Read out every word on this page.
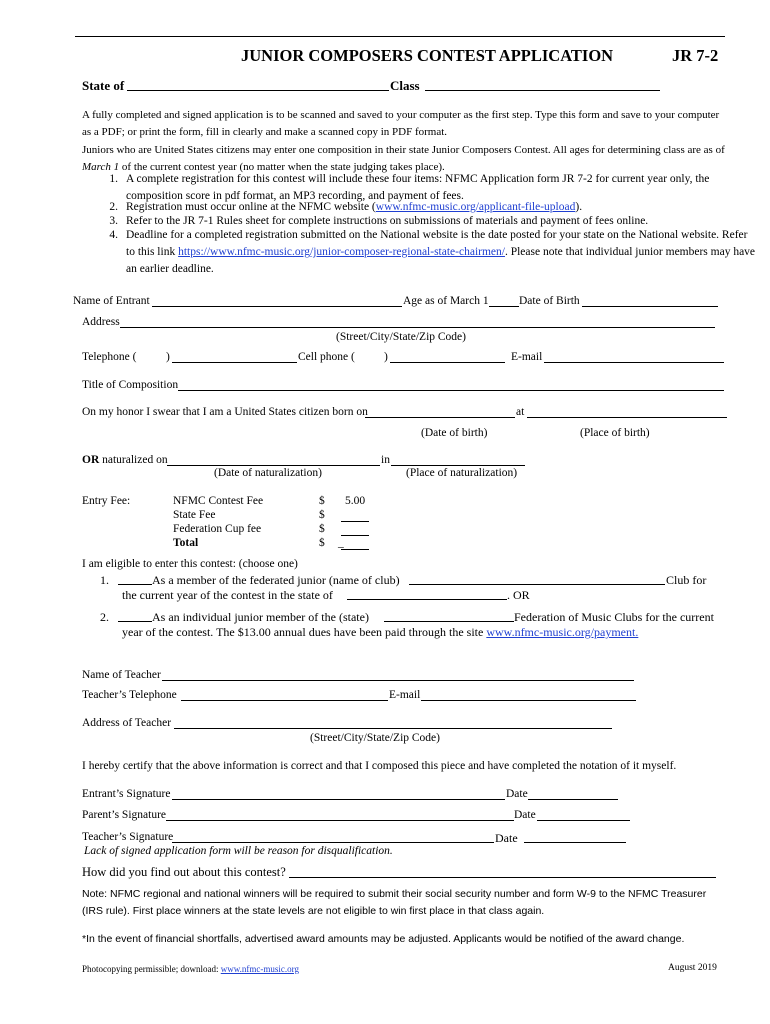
JUNIOR COMPOSERS CONTEST APPLICATION	JR 7-2
State of	Class
A fully completed and signed application is to be scanned and saved to your computer as the first step. Type this form and save to your computer as a PDF; or print the form, fill in clearly and make a scanned copy in PDF format.
Juniors who are United States citizens may enter one composition in their state Junior Composers Contest. All ages for determining class are as of March 1 of the current contest year (no matter when the state judging takes place).
1. A complete registration for this contest will include these four items: NFMC Application form JR 7-2 for current year only, the composition score in pdf format, an MP3 recording, and payment of fees.
2. Registration must occur online at the NFMC website (www.nfmc-music.org/applicant-file-upload).
3. Refer to the JR 7-1 Rules sheet for complete instructions on submissions of materials and payment of fees online.
4. Deadline for a completed registration submitted on the National website is the date posted for your state on the National website. Refer to this link https://www.nfmc-music.org/junior-composer-regional-state-chairmen/. Please note that individual junior members may have an earlier deadline.
Name of Entrant	Age as of March 1	Date of Birth
Address
(Street/City/State/Zip Code)
Telephone (	)	Cell phone (	)	E-mail
Title of Composition
On my honor I swear that I am a United States citizen born on	at
(Date of birth)	(Place of birth)
OR naturalized on	in
(Date of naturalization)	(Place of naturalization)
Entry Fee:	NFMC Contest Fee	$ 5.00
State Fee	$
Federation Cup fee	$
Total	$ _
I am eligible to enter this contest: (choose one)
1.	As a member of the federated junior (name of club)	Club for
the current year of the contest in the state of	. OR
2.	As an individual junior member of the (state)	Federation of Music Clubs for the current
year of the contest. The $13.00 annual dues have been paid through the site www.nfmc-music.org/payment.
Name of Teacher
Teacher’s Telephone	E-mail
Address of Teacher
(Street/City/State/Zip Code)
I hereby certify that the above information is correct and that I composed this piece and have completed the notation of it myself.
Entrant’s Signature	Date
Parent’s Signature	Date
Teacher’s Signature	Date
Lack of signed application form will be reason for disqualification.
How did you find out about this contest?
Note: NFMC regional and national winners will be required to submit their social security number and form W-9 to the NFMC Treasurer (IRS rule). First place winners at the state levels are not eligible to win first place in that class again.
*In the event of financial shortfalls, advertised award amounts may be adjusted. Applicants would be notified of the award change.
Photocopying permissible; download: www.nfmc-music.org	August 2019
